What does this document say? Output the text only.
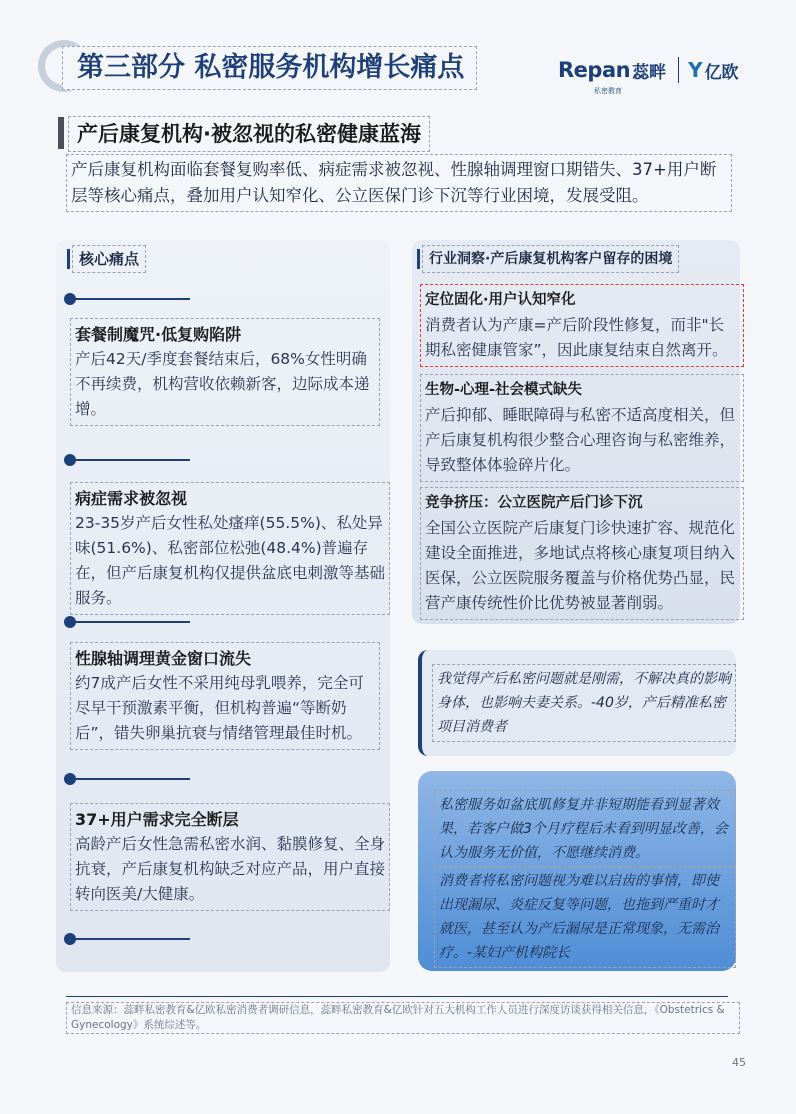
第三部分 私密服务机构增长痛点	Repan 蕊畔
私密教育
Y 亿欧
产后康复机构·被忽视的私密健康蓝海
产后康复机构面临套餐复购率低、病症需求被忽视、性腺轴调理窗口期错失、37+用户断层等核心痛点，叠加用户认知窄化、公立医保门诊下沉等行业困境，发展受阻。
核心痛点
套餐制魔咒·低复购陷阱
产后42天/季度套餐结束后，68%女性明确不再续费，机构营收依赖新客，边际成本递增。
病症需求被忽视
23-35岁产后女性私处瘙痒(55.5%)、私处异味(51.6%)、私密部位松弛(48.4%)普遍存在，但产后康复机构仅提供盆底电刺激等基础服务。
性腺轴调理黄金窗口流失
约7成产后女性不采用纯母乳喂养，完全可尽早干预激素平衡，但机构普遍“等断奶后”，错失卵巢抗衰与情绪管理最佳时机。
37+用户需求完全断层
高龄产后女性急需私密水润、黏膜修复、全身抗衰，产后康复机构缺乏对应产品，用户直接转向医美/大健康。
行业洞察·产后康复机构客户留存的困境
定位固化·用户认知窄化
消费者认为产康=产后阶段性修复，而非"长期私密健康管家”，因此康复结束自然离开。
生物-心理-社会模式缺失
产后抑郁、睡眠障碍与私密不适高度相关，但产后康复机构很少整合心理咨询与私密维养，导致整体体验碎片化。
竞争挤压：公立医院产后门诊下沉
全国公立医院产后康复门诊快速扩容、规范化建设全面推进，多地试点将核心康复项目纳入医保，公立医院服务覆盖与价格优势凸显，民营产康传统性价比优势被显著削弱。
我觉得产后私密问题就是刚需，不解决真的影响身体，也影响夫妻关系。-40岁，产后精准私密项目消费者
私密服务如盆底肌修复并非短期能看到显著效果，若客户做3个月疗程后未看到明显改善，会认为服务无价值，不愿继续消费。
消费者将私密问题视为难以启齿的事情，即使出现漏尿、炎症反复等问题，也拖到严重时才就医，甚至认为产后漏尿是正常现象，无需治疗。-某妇产机构院长
信息来源：蕊畔私密教育&亿欧私密消费者调研信息，蕊畔私密教育&亿欧针对五大机构工作人员进行深度访谈获得相关信息，《Obstetrics & Gynecology》系统综述等。
45
